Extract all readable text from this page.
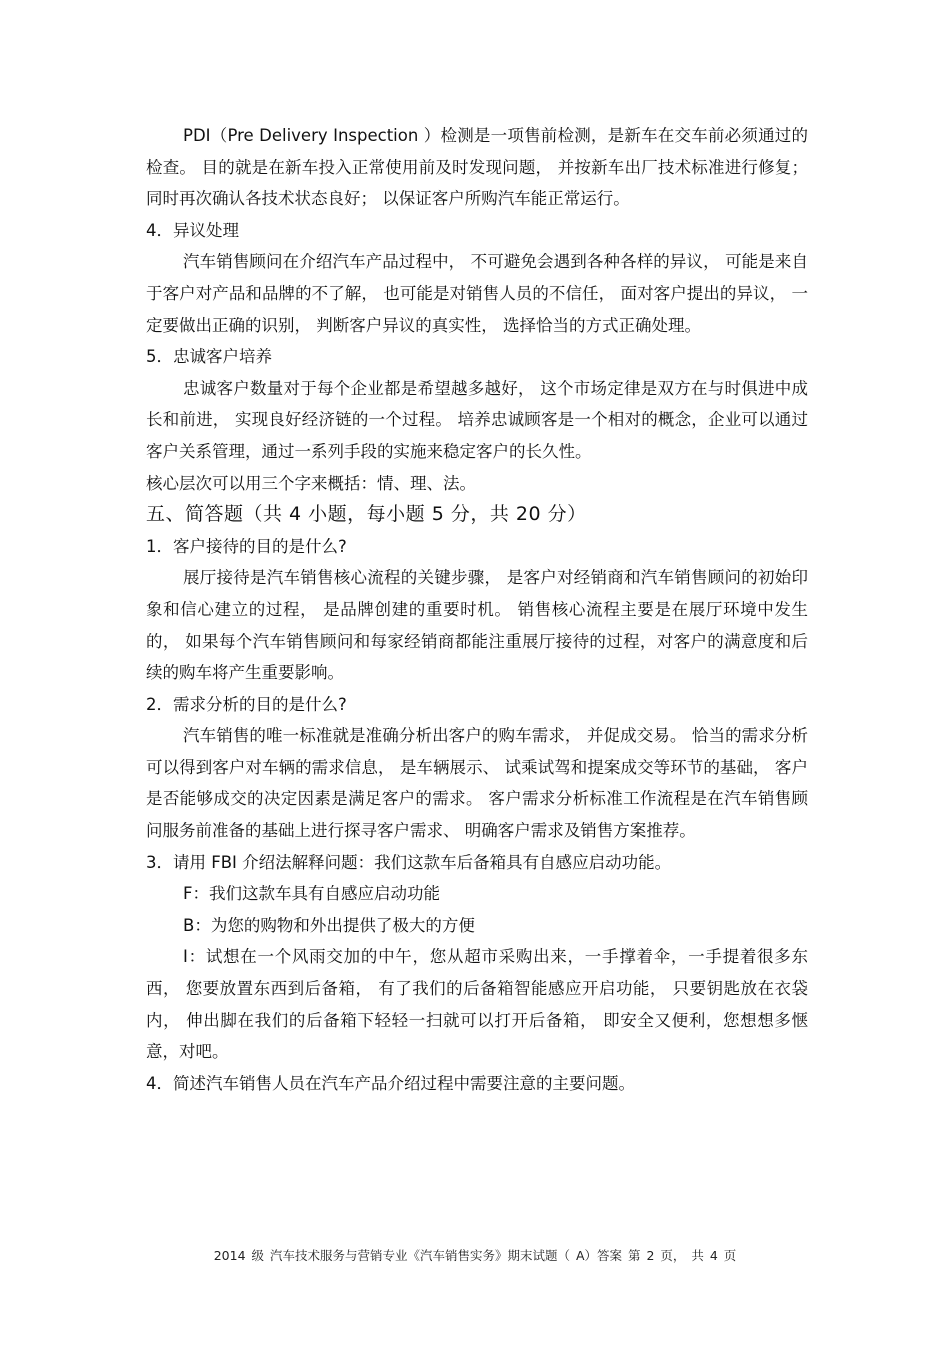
PDI（Pre Delivery Inspection ）检测是一项售前检测，是新车在交车前必须通过的检查。 目的就是在新车投入正常使用前及时发现问题， 并按新车出厂技术标准进行修复； 同时再次确认各技术状态良好； 以保证客户所购汽车能正常运行。

4．异议处理

汽车销售顾问在介绍汽车产品过程中， 不可避免会遇到各种各样的异议， 可能是来自于客户对产品和品牌的不了解， 也可能是对销售人员的不信任， 面对客户提出的异议， 一定要做出正确的识别， 判断客户异议的真实性， 选择恰当的方式正确处理。

5．忠诚客户培养

忠诚客户数量对于每个企业都是希望越多越好， 这个市场定律是双方在与时俱进中成长和前进， 实现良好经济链的一个过程。 培养忠诚顾客是一个相对的概念，企业可以通过客户关系管理，通过一系列手段的实施来稳定客户的长久性。

核心层次可以用三个字来概括：情、理、法。

五、简答题（共 4 小题，每小题 5 分，共 20 分）

1．客户接待的目的是什么?

展厅接待是汽车销售核心流程的关键步骤， 是客户对经销商和汽车销售顾问的初始印象和信心建立的过程， 是品牌创建的重要时机。 销售核心流程主要是在展厅环境中发生的， 如果每个汽车销售顾问和每家经销商都能注重展厅接待的过程，对客户的满意度和后续的购车将产生重要影响。

2．需求分析的目的是什么?

汽车销售的唯一标准就是准确分析出客户的购车需求， 并促成交易。 恰当的需求分析可以得到客户对车辆的需求信息， 是车辆展示、 试乘试驾和提案成交等环节的基础， 客户是否能够成交的决定因素是满足客户的需求。 客户需求分析标准工作流程是在汽车销售顾问服务前准备的基础上进行探寻客户需求、 明确客户需求及销售方案推荐。

3．请用 FBI 介绍法解释问题：我们这款车后备箱具有自感应启动功能。

F：我们这款车具有自感应启动功能

B：为您的购物和外出提供了极大的方便

I：试想在一个风雨交加的中午，您从超市采购出来，一手撑着伞，一手提着很多东西， 您要放置东西到后备箱， 有了我们的后备箱智能感应开启功能， 只要钥匙放在衣袋内， 伸出脚在我们的后备箱下轻轻一扫就可以打开后备箱， 即安全又便利，您想想多惬意，对吧。

4．简述汽车销售人员在汽车产品介绍过程中需要注意的主要问题。

2014 级 汽车技术服务与营销专业《汽车销售实务》期末试题（ A）答案 第 2 页， 共 4 页
